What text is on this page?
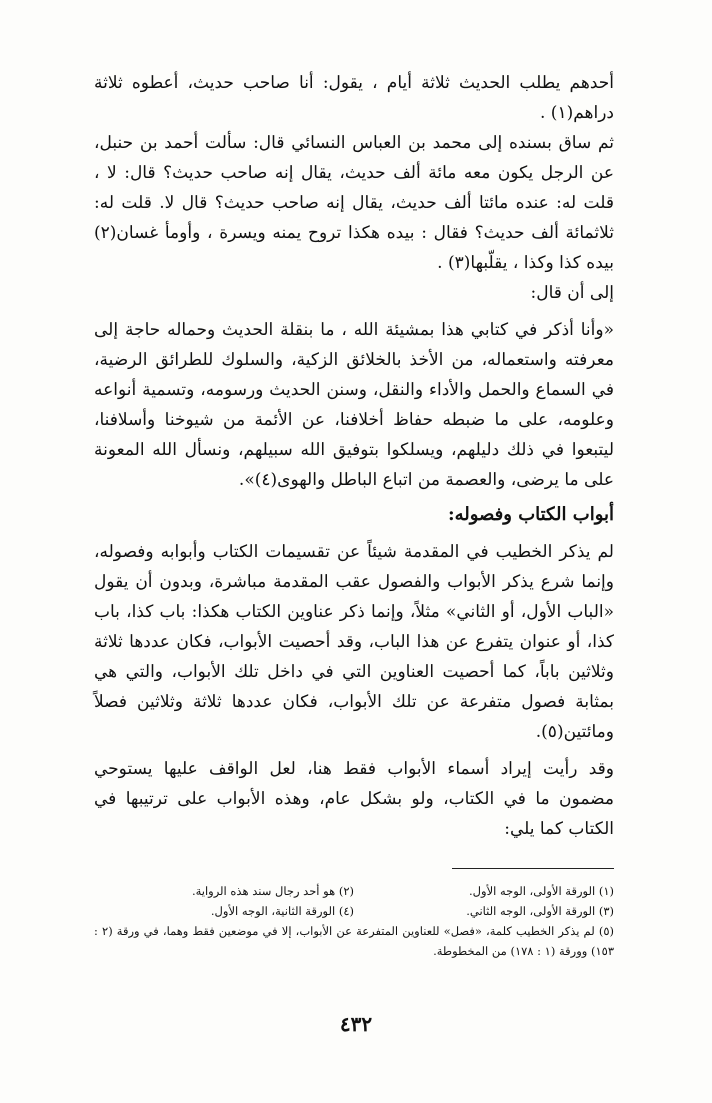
أحدهم يطلب الحديث ثلاثة أيام ، يقول: أنا صاحب حديث، أعطوه ثلاثة دراهم(١) .

ثم ساق بسنده إلى محمد بن العباس النسائي قال: سألت أحمد بن حنبل، عن الرجل يكون معه مائة ألف حديث، يقال إنه صاحب حديث؟ قال: لا ، قلت له: عنده مائتا ألف حديث، يقال إنه صاحب حديث؟ قال لا. قلت له: ثلاثمائة ألف حديث؟ فقال : بيده هكذا تروح يمنه ويسرة ، وأومأ غسان(٢) بيده كذا وكذا ، يقلّبها(٣) .

إلى أن قال:

«وأنا أذكر في كتابي هذا بمشيئة الله ، ما بنقلة الحديث وحماله حاجة إلى معرفته واستعماله، من الأخذ بالخلائق الزكية، والسلوك للطرائق الرضية، في السماع والحمل والأداء والنقل، وسنن الحديث ورسومه، وتسمية أنواعه وعلومه، على ما ضبطه حفاظ أخلافنا، عن الأئمة من شيوخنا وأسلافنا، ليتبعوا في ذلك دليلهم، ويسلكوا بتوفيق الله سبيلهم، ونسأل الله المعونة على ما يرضى، والعصمة من اتباع الباطل والهوى(٤)».

أبواب الكتاب وفصوله:

لم يذكر الخطيب في المقدمة شيئاً عن تقسيمات الكتاب وأبوابه وفصوله، وإنما شرع يذكر الأبواب والفصول عقب المقدمة مباشرة، وبدون أن يقول «الباب الأول، أو الثاني» مثلاً، وإنما ذكر عناوين الكتاب هكذا: باب كذا، باب كذا، أو عنوان يتفرع عن هذا الباب، وقد أحصيت الأبواب، فكان عددها ثلاثة وثلاثين باباً، كما أحصيت العناوين التي في داخل تلك الأبواب، والتي هي بمثابة فصول متفرعة عن تلك الأبواب، فكان عددها ثلاثة وثلاثين فصلاً ومائتين(٥).

وقد رأيت إيراد أسماء الأبواب فقط هنا، لعل الواقف عليها يستوحي مضمون ما في الكتاب، ولو بشكل عام، وهذه الأبواب على ترتيبها في الكتاب كما يلي:

(١) الورقة الأولى، الوجه الأول.
(٢) هو أحد رجال سند هذه الرواية.
(٣) الورقة الأولى، الوجه الثاني.
(٤) الورقة الثانية، الوجه الأول.
(٥) لم يذكر الخطيب كلمة، «فصل» للعناوين المتفرعة عن الأبواب، إلا في موضعين فقط وهما، في ورقة (٢ : ١٥٣) وورقة (١ : ١٧٨) من المخطوطة.
٤٣٢
